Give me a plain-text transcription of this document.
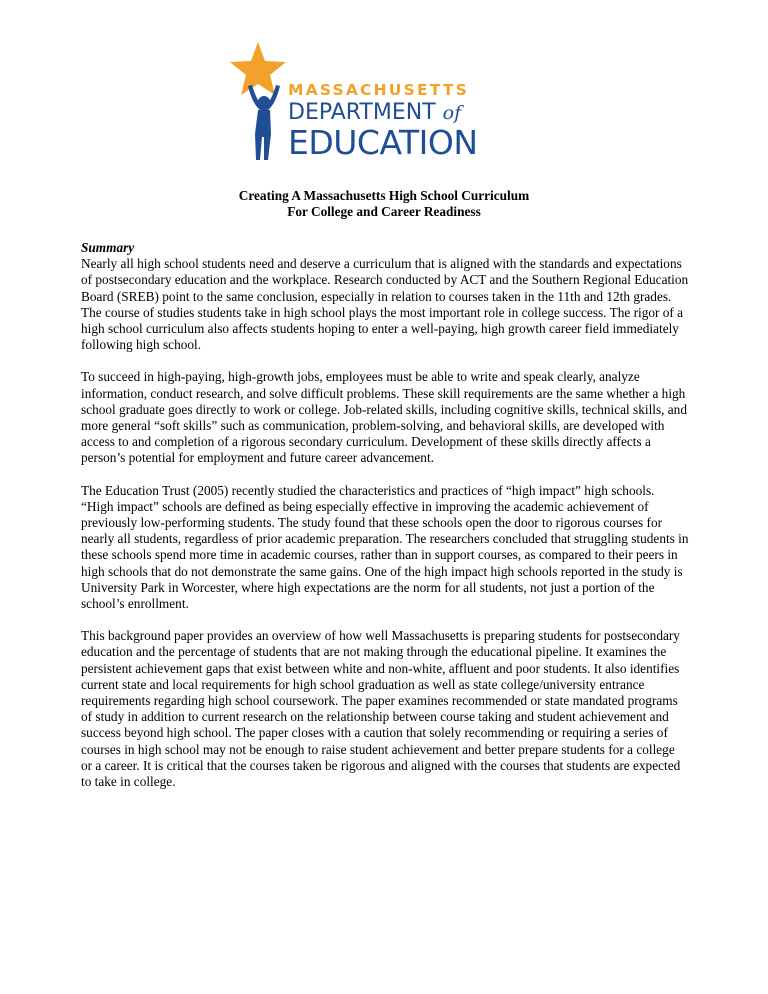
MASSACHUSETTS
DEPARTMENT of
EDUCATION
Creating A Massachusetts High School Curriculum
For College and Career Readiness

Summary

Nearly all high school students need and deserve a curriculum that is aligned with the standards and expectations of postsecondary education and the workplace. Research conducted by ACT and the Southern Regional Education Board (SREB) point to the same conclusion, especially in relation to courses taken in the 11th and 12th grades. The course of studies students take in high school plays the most important role in college success. The rigor of a high school curriculum also affects students hoping to enter a well-paying, high growth career field immediately following high school.

To succeed in high-paying, high-growth jobs, employees must be able to write and speak clearly, analyze information, conduct research, and solve difficult problems. These skill requirements are the same whether a high school graduate goes directly to work or college. Job-related skills, including cognitive skills, technical skills, and more general “soft skills” such as communication, problem-solving, and behavioral skills, are developed with access to and completion of a rigorous secondary curriculum. Development of these skills directly affects a person’s potential for employment and future career advancement.

The Education Trust (2005) recently studied the characteristics and practices of “high impact” high schools. “High impact” schools are defined as being especially effective in improving the academic achievement of previously low-performing students. The study found that these schools open the door to rigorous courses for nearly all students, regardless of prior academic preparation. The researchers concluded that struggling students in these schools spend more time in academic courses, rather than in support courses, as compared to their peers in high schools that do not demonstrate the same gains. One of the high impact high schools reported in the study is University Park in Worcester, where high expectations are the norm for all students, not just a portion of the school’s enrollment.

This background paper provides an overview of how well Massachusetts is preparing students for postsecondary education and the percentage of students that are not making through the educational pipeline. It examines the persistent achievement gaps that exist between white and non-white, affluent and poor students. It also identifies current state and local requirements for high school graduation as well as state college/university entrance requirements regarding high school coursework. The paper examines recommended or state mandated programs of study in addition to current research on the relationship between course taking and student achievement and success beyond high school. The paper closes with a caution that solely recommending or requiring a series of courses in high school may not be enough to raise student achievement and better prepare students for a college or a career. It is critical that the courses taken be rigorous and aligned with the courses that students are expected to take in college.
